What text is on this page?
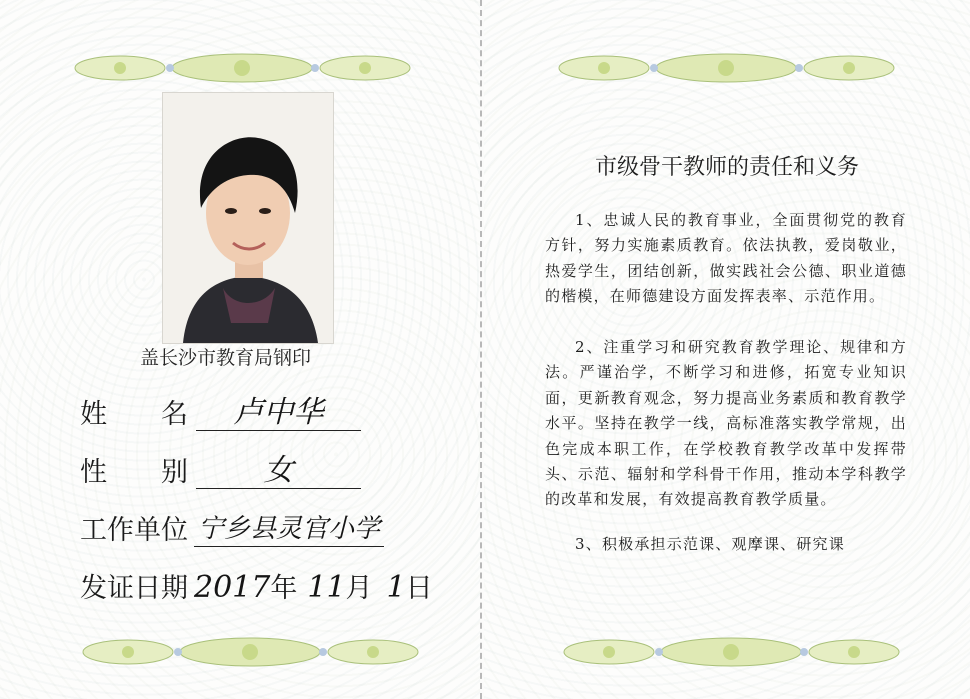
盖长沙市教育局钢印
姓　　名	卢中华
性　　别	女
工作单位 宁乡县灵官小学
发证日期 2017 年 11 月 1 日
市级骨干教师的责任和义务
1、忠诚人民的教育事业，全面贯彻党的教育方针，努力实施素质教育。依法执教，爱岗敬业，热爱学生，团结创新，做实践社会公德、职业道德的楷模，在师德建设方面发挥表率、示范作用。
2、注重学习和研究教育教学理论、规律和方法。严谨治学，不断学习和进修，拓宽专业知识面，更新教育观念，努力提高业务素质和教育教学水平。坚持在教学一线，高标准落实教学常规，出色完成本职工作，在学校教育教学改革中发挥带头、示范、辐射和学科骨干作用，推动本学科教学的改革和发展，有效提高教育教学质量。
3、积极承担示范课、观摩课、研究课
